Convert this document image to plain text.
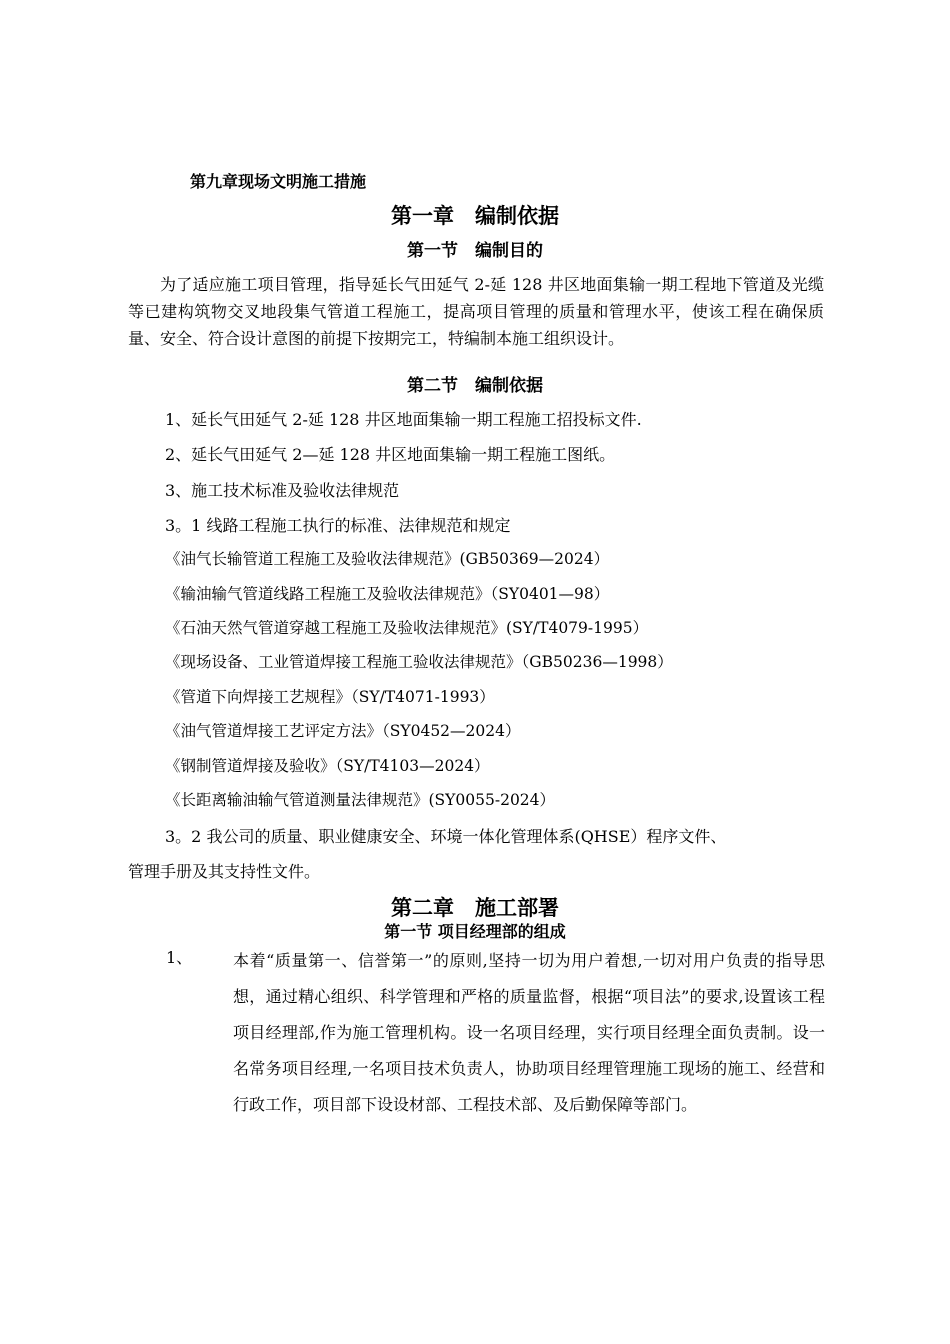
第九章现场文明施工措施
第一章　编制依据
第一节　编制目的
为了适应施工项目管理，指导延长气田延气 2-延 128 井区地面集输一期工程地下管道及光缆等已建构筑物交叉地段集气管道工程施工，提高项目管理的质量和管理水平，使该工程在确保质量、安全、符合设计意图的前提下按期完工，特编制本施工组织设计。
第二节　编制依据
1、延长气田延气 2-延 128 井区地面集输一期工程施工招投标文件.
2、延长气田延气 2—延 128 井区地面集输一期工程施工图纸。
3、施工技术标准及验收法律规范
3。1 线路工程施工执行的标准、法律规范和规定
《油气长输管道工程施工及验收法律规范》(GB50369—2024）
《输油输气管道线路工程施工及验收法律规范》（SY0401—98）
《石油天然气管道穿越工程施工及验收法律规范》(SY/T4079-1995）
《现场设备、工业管道焊接工程施工验收法律规范》（GB50236—1998）
《管道下向焊接工艺规程》（SY/T4071-1993）
《油气管道焊接工艺评定方法》（SY0452—2024）
《钢制管道焊接及验收》（SY/T4103—2024）
《长距离输油输气管道测量法律规范》(SY0055-2024）
3。2 我公司的质量、职业健康安全、环境一体化管理体系(QHSE）程序文件、
管理手册及其支持性文件。
第二章　施工部署
第一节 项目经理部的组成
1、	本着“质量第一、信誉第一”的原则,坚持一切为用户着想,一切对用户负责的指导思想，通过精心组织、科学管理和严格的质量监督，根据“项目法”的要求,设置该工程项目经理部,作为施工管理机构。设一名项目经理，实行项目经理全面负责制。设一名常务项目经理,一名项目技术负责人，协助项目经理管理施工现场的施工、经营和行政工作，项目部下设设材部、工程技术部、及后勤保障等部门。
